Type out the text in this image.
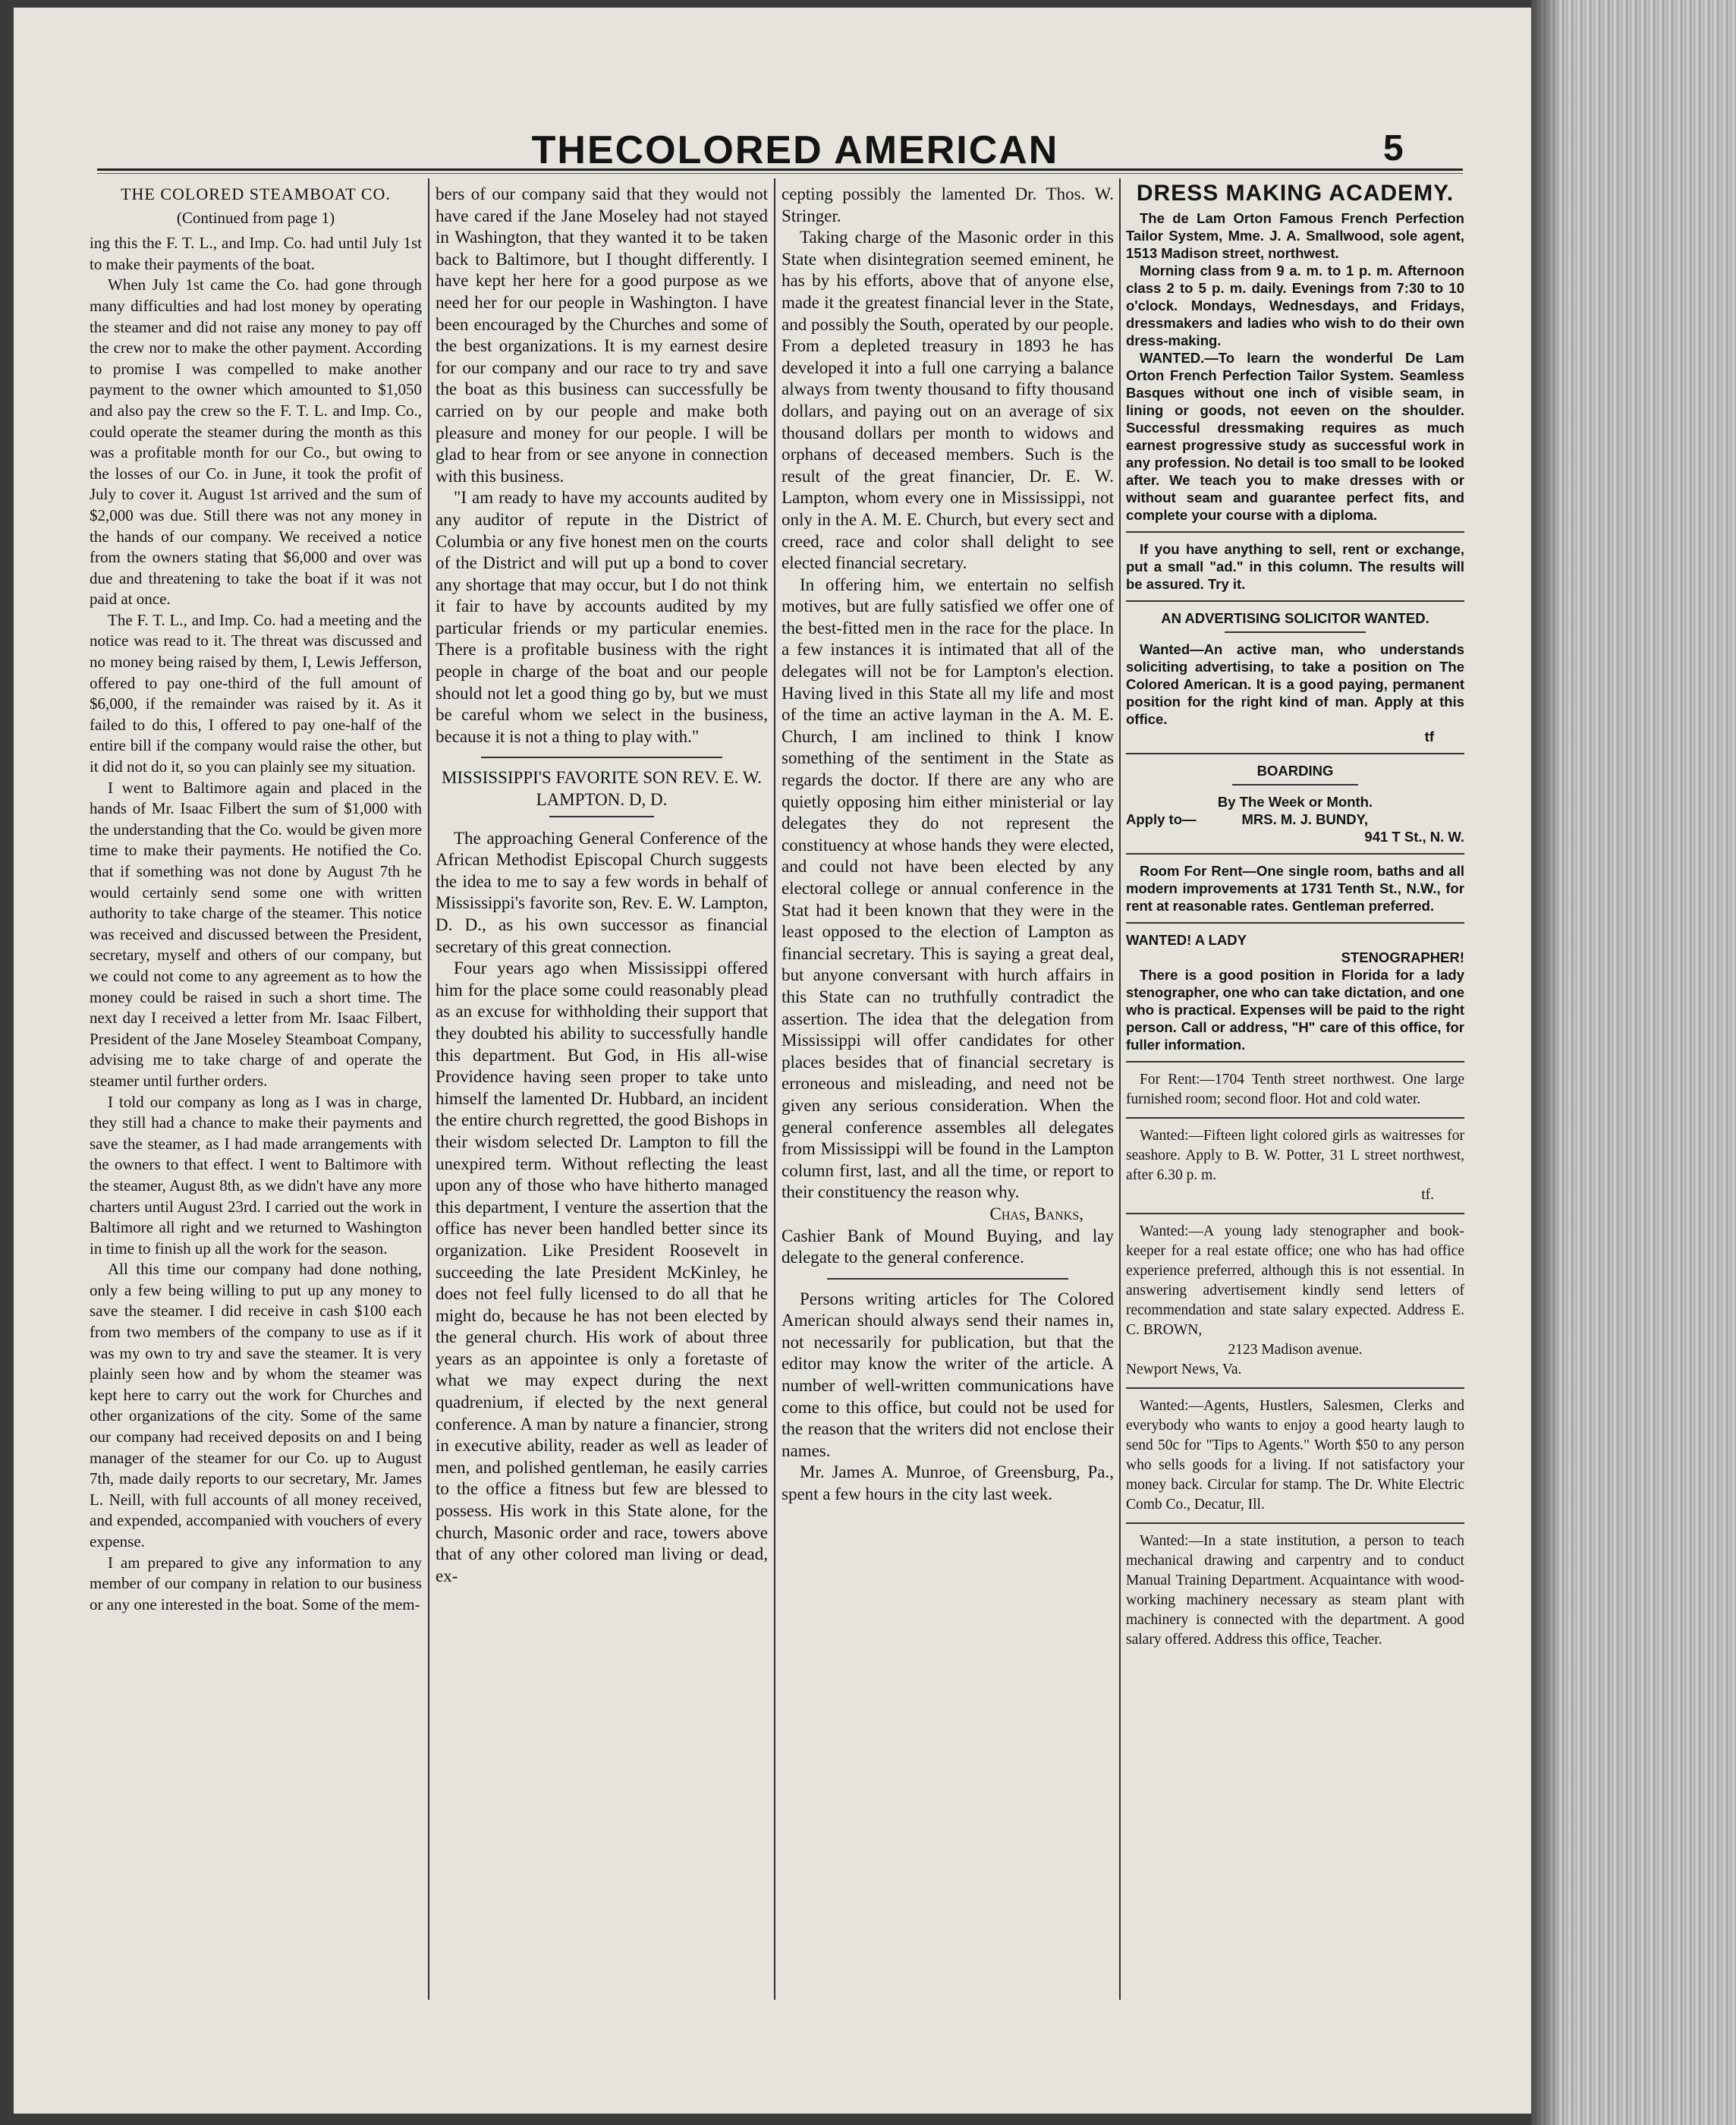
THECOLORED AMERICAN	5
THE COLORED STEAMBOAT CO.
(Continued from page 1)

ing this the F. T. L., and Imp. Co. had until July 1st to make their payments of the boat.

When July 1st came the Co. had gone through many difficulties and had lost money by operating the steamer and did not raise any money to pay off the crew nor to make the other payment. According to promise I was compelled to make another payment to the owner which amounted to $1,050 and also pay the crew so the F. T. L. and Imp. Co., could operate the steamer during the month as this was a profitable month for our Co., but owing to the losses of our Co. in June, it took the profit of July to cover it. August 1st arrived and the sum of $2,000 was due. Still there was not any money in the hands of our company. We received a notice from the owners stating that $6,000 and over was due and threatening to take the boat if it was not paid at once.

The F. T. L., and Imp. Co. had a meeting and the notice was read to it. The threat was discussed and no money being raised by them, I, Lewis Jefferson, offered to pay one-third of the full amount of $6,000, if the remainder was raised by it. As it failed to do this, I offered to pay one-half of the entire bill if the company would raise the other, but it did not do it, so you can plainly see my situation.

I went to Baltimore again and placed in the hands of Mr. Isaac Filbert the sum of $1,000 with the understanding that the Co. would be given more time to make their payments. He notified the Co. that if something was not done by August 7th he would certainly send some one with written authority to take charge of the steamer. This notice was received and discussed between the President, secretary, myself and others of our company, but we could not come to any agreement as to how the money could be raised in such a short time. The next day I received a letter from Mr. Isaac Filbert, President of the Jane Moseley Steamboat Company, advising me to take charge of and operate the steamer until further orders.

I told our company as long as I was in charge, they still had a chance to make their payments and save the steamer, as I had made arrangements with the owners to that effect. I went to Baltimore with the steamer, August 8th, as we didn't have any more charters until August 23rd. I carried out the work in Baltimore all right and we returned to Washington in time to finish up all the work for the season.

All this time our company had done nothing, only a few being willing to put up any money to save the steamer. I did receive in cash $100 each from two members of the company to use as if it was my own to try and save the steamer. It is very plainly seen how and by whom the steamer was kept here to carry out the work for Churches and other organizations of the city. Some of the same our company had received deposits on and I being manager of the steamer for our Co. up to August 7th, made daily reports to our secretary, Mr. James L. Neill, with full accounts of all money received, and expended, accompanied with vouchers of every expense.

I am prepared to give any information to any member of our company in relation to our business or any one interested in the boat. Some of the mem-

bers of our company said that they would not have cared if the Jane Moseley had not stayed in Washington, that they wanted it to be taken back to Baltimore, but I thought differently. I have kept her here for a good purpose as we need her for our people in Washington. I have been encouraged by the Churches and some of the best organizations. It is my earnest desire for our company and our race to try and save the boat as this business can successfully be carried on by our people and make both pleasure and money for our people. I will be glad to hear from or see anyone in connection with this business.

"I am ready to have my accounts audited by any auditor of repute in the District of Columbia or any five honest men on the courts of the District and will put up a bond to cover any shortage that may occur, but I do not think it fair to have by accounts audited by my particular friends or my particular enemies. There is a profitable business with the right people in charge of the boat and our people should not let a good thing go by, but we must be careful whom we select in the business, because it is not a thing to play with."

MISSISSIPPI'S FAVORITE SON REV. E. W. LAMPTON. D, D.

The approaching General Conference of the African Methodist Episcopal Church suggests the idea to me to say a few words in behalf of Mississippi's favorite son, Rev. E. W. Lampton, D. D., as his own successor as financial secretary of this great connection.

Four years ago when Mississippi offered him for the place some could reasonably plead as an excuse for withholding their support that they doubted his ability to successfully handle this department. But God, in His all-wise Providence having seen proper to take unto himself the lamented Dr. Hubbard, an incident the entire church regretted, the good Bishops in their wisdom selected Dr. Lampton to fill the unexpired term. Without reflecting the least upon any of those who have hitherto managed this department, I venture the assertion that the office has never been handled better since its organization. Like President Roosevelt in succeeding the late President McKinley, he does not feel fully licensed to do all that he might do, because he has not been elected by the general church. His work of about three years as an appointee is only a foretaste of what we may expect during the next quadrenium, if elected by the next general conference. A man by nature a financier, strong in executive ability, reader as well as leader of men, and polished gentleman, he easily carries to the office a fitness but few are blessed to possess. His work in this State alone, for the church, Masonic order and race, towers above that of any other colored man living or dead, ex-

cepting possibly the lamented Dr. Thos. W. Stringer.

Taking charge of the Masonic order in this State when disintegration seemed eminent, he has by his efforts, above that of anyone else, made it the greatest financial lever in the State, and possibly the South, operated by our people. From a depleted treasury in 1893 he has developed it into a full one carrying a balance always from twenty thousand to fifty thousand dollars, and paying out on an average of six thousand dollars per month to widows and orphans of deceased members. Such is the result of the great financier, Dr. E. W. Lampton, whom every one in Mississippi, not only in the A. M. E. Church, but every sect and creed, race and color shall delight to see elected financial secretary.

In offering him, we entertain no selfish motives, but are fully satisfied we offer one of the best-fitted men in the race for the place. In a few instances it is intimated that all of the delegates will not be for Lampton's election. Having lived in this State all my life and most of the time an active layman in the A. M. E. Church, I am inclined to think I know something of the sentiment in the State as regards the doctor. If there are any who are quietly opposing him either ministerial or lay delegates they do not represent the constituency at whose hands they were elected, and could not have been elected by any electoral college or annual conference in the Stat had it been known that they were in the least opposed to the election of Lampton as financial secretary. This is saying a great deal, but anyone conversant with hurch affairs in this State can no truthfully contradict the assertion. The idea that the delegation from Mississippi will offer candidates for other places besides that of financial secretary is erroneous and misleading, and need not be given any serious consideration. When the general conference assembles all delegates from Mississippi will be found in the Lampton column first, last, and all the time, or report to their constituency the reason why.

Chas, Banks,

Cashier Bank of Mound Buying, and lay delegate to the general conference.

Persons writing articles for The Colored American should always send their names in, not necessarily for publication, but that the editor may know the writer of the article. A number of well-written communications have come to this office, but could not be used for the reason that the writers did not enclose their names.

Mr. James A. Munroe, of Greensburg, Pa., spent a few hours in the city last week.

DRESS MAKING ACADEMY.

The de Lam Orton Famous French Perfection Tailor System, Mme. J. A. Smallwood, sole agent, 1513 Madison street, northwest.

Morning class from 9 a. m. to 1 p. m. Afternoon class 2 to 5 p. m. daily. Evenings from 7:30 to 10 o'clock. Mondays, Wednesdays, and Fridays, dressmakers and ladies who wish to do their own dress-making.

WANTED.—To learn the wonderful De Lam Orton French Perfection Tailor System. Seamless Basques without one inch of visible seam, in lining or goods, not eeven on the shoulder. Successful dressmaking requires as much earnest progressive study as successful work in any profession. No detail is too small to be looked after. We teach you to make dresses with or without seam and guarantee perfect fits, and complete your course with a diploma.

If you have anything to sell, rent or exchange, put a small "ad." in this column. The results will be assured. Try it.

AN ADVERTISING SOLICITOR WANTED.

Wanted—An active man, who understands soliciting advertising, to take a position on The Colored American. It is a good paying, permanent position for the right kind of man. Apply at this office.

tf
BOARDING
By The Week or Month.
Apply to—	MRS. M. J. BUNDY,
941 T St., N. W.

Room For Rent—One single room, baths and all modern improvements at 1731 Tenth St., N.W., for rent at reasonable rates. Gentleman preferred.

WANTED! A LADY
STENOGRAPHER!

There is a good position in Florida for a lady stenographer, one who can take dictation, and one who is practical. Expenses will be paid to the right person. Call or address, "H" care of this office, for fuller information.

For Rent:—1704 Tenth street northwest. One large furnished room; second floor. Hot and cold water.

Wanted:—Fifteen light colored girls as waitresses for seashore. Apply to B. W. Potter, 31 L street northwest, after 6.30 p. m.

tf.

Wanted:—A young lady stenographer and book-keeper for a real estate office; one who has had office experience preferred, although this is not essential. In answering advertisement kindly send letters of recommendation and state salary expected. Address E. C. BROWN,

2123 Madison avenue.
Newport News, Va.

Wanted:—Agents, Hustlers, Salesmen, Clerks and everybody who wants to enjoy a good hearty laugh to send 50c for "Tips to Agents." Worth $50 to any person who sells goods for a living. If not satisfactory your money back. Circular for stamp. The Dr. White Electric Comb Co., Decatur, Ill.

Wanted:—In a state institution, a person to teach mechanical drawing and carpentry and to conduct Manual Training Department. Acquaintance with wood-working machinery necessary as steam plant with machinery is connected with the department. A good salary offered. Address this office, Teacher.
